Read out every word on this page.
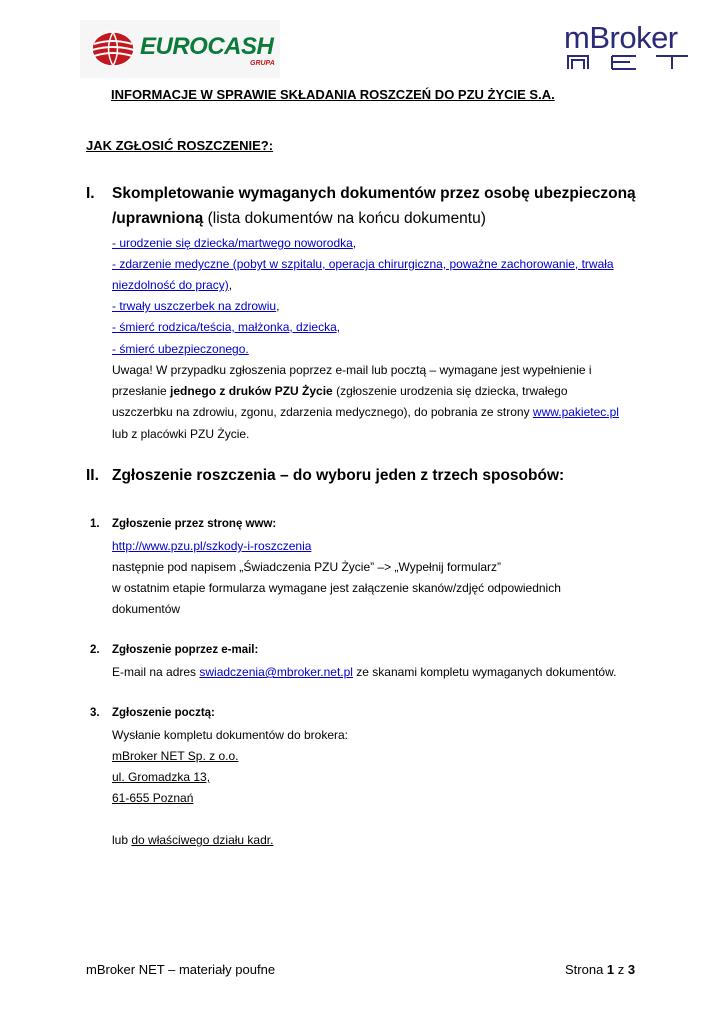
EUROCASH
GRUPA
mBroker
INFORMACJE W SPRAWIE SKŁADANIA ROSZCZEŃ DO PZU ŻYCIE S.A.
JAK ZGŁOSIĆ ROSZCZENIE?:
I. Skompletowanie wymaganych dokumentów przez osobę ubezpieczoną
/uprawnioną (lista dokumentów na końcu dokumentu)
- urodzenie się dziecka/martwego noworodka,
- zdarzenie medyczne (pobyt w szpitalu, operacja chirurgiczna, poważne zachorowanie, trwała
niezdolność do pracy),
- trwały uszczerbek na zdrowiu,
- śmierć rodzica/teścia, małżonka, dziecka,
- śmierć ubezpieczonego.
Uwaga! W przypadku zgłoszenia poprzez e-mail lub pocztą – wymagane jest wypełnienie i
przesłanie jednego z druków PZU Życie (zgłoszenie urodzenia się dziecka, trwałego
uszczerbku na zdrowiu, zgonu, zdarzenia medycznego), do pobrania ze strony www.pakietec.pl
lub z placówki PZU Życie.
II. Zgłoszenie roszczenia – do wyboru jeden z trzech sposobów:
1. Zgłoszenie przez stronę www:
http://www.pzu.pl/szkody-i-roszczenia
następnie pod napisem „Świadczenia PZU Życie” –> „Wypełnij formularz”
w ostatnim etapie formularza wymagane jest załączenie skanów/zdjęć odpowiednich
dokumentów
2. Zgłoszenie poprzez e-mail:
E-mail na adres swiadczenia@mbroker.net.pl ze skanami kompletu wymaganych dokumentów.
3. Zgłoszenie pocztą:
Wysłanie kompletu dokumentów do brokera:
mBroker NET Sp. z o.o.
ul. Gromadzka 13,
61-655 Poznań
lub do właściwego działu kadr.
mBroker NET – materiały poufne	Strona 1 z 3
